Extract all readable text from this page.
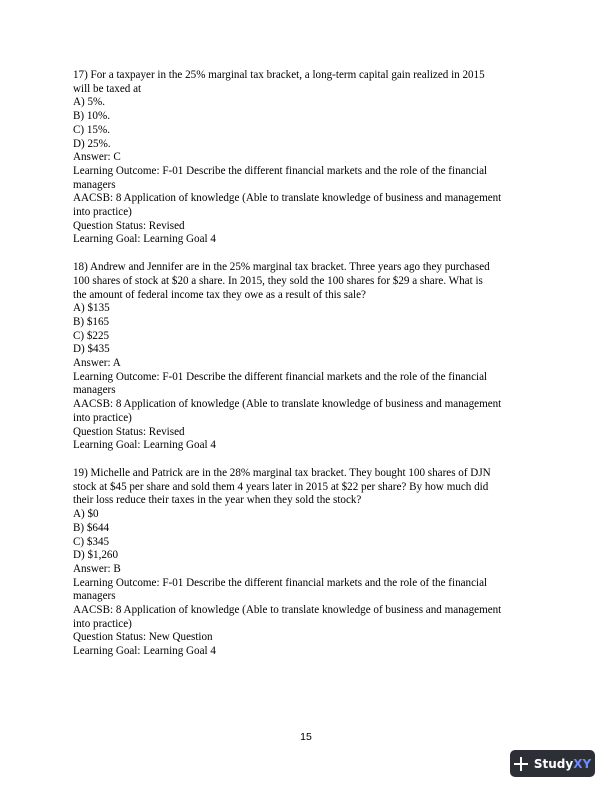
17) For a taxpayer in the 25% marginal tax bracket, a long-term capital gain realized in 2015
will be taxed at
A) 5%.
B) 10%.
C) 15%.
D) 25%.
Answer: C
Learning Outcome: F-01 Describe the different financial markets and the role of the financial
managers
AACSB: 8 Application of knowledge (Able to translate knowledge of business and management
into practice)
Question Status: Revised
Learning Goal: Learning Goal 4
18) Andrew and Jennifer are in the 25% marginal tax bracket. Three years ago they purchased
100 shares of stock at $20 a share. In 2015, they sold the 100 shares for $29 a share. What is
the amount of federal income tax they owe as a result of this sale?
A) $135
B) $165
C) $225
D) $435
Answer: A
Learning Outcome: F-01 Describe the different financial markets and the role of the financial
managers
AACSB: 8 Application of knowledge (Able to translate knowledge of business and management
into practice)
Question Status: Revised
Learning Goal: Learning Goal 4
19) Michelle and Patrick are in the 28% marginal tax bracket. They bought 100 shares of DJN
stock at $45 per share and sold them 4 years later in 2015 at $22 per share? By how much did
their loss reduce their taxes in the year when they sold the stock?
A) $0
B) $644
C) $345
D) $1,260
Answer: B
Learning Outcome: F-01 Describe the different financial markets and the role of the financial
managers
AACSB: 8 Application of knowledge (Able to translate knowledge of business and management
into practice)
Question Status: New Question
Learning Goal: Learning Goal 4
15
Study XY
